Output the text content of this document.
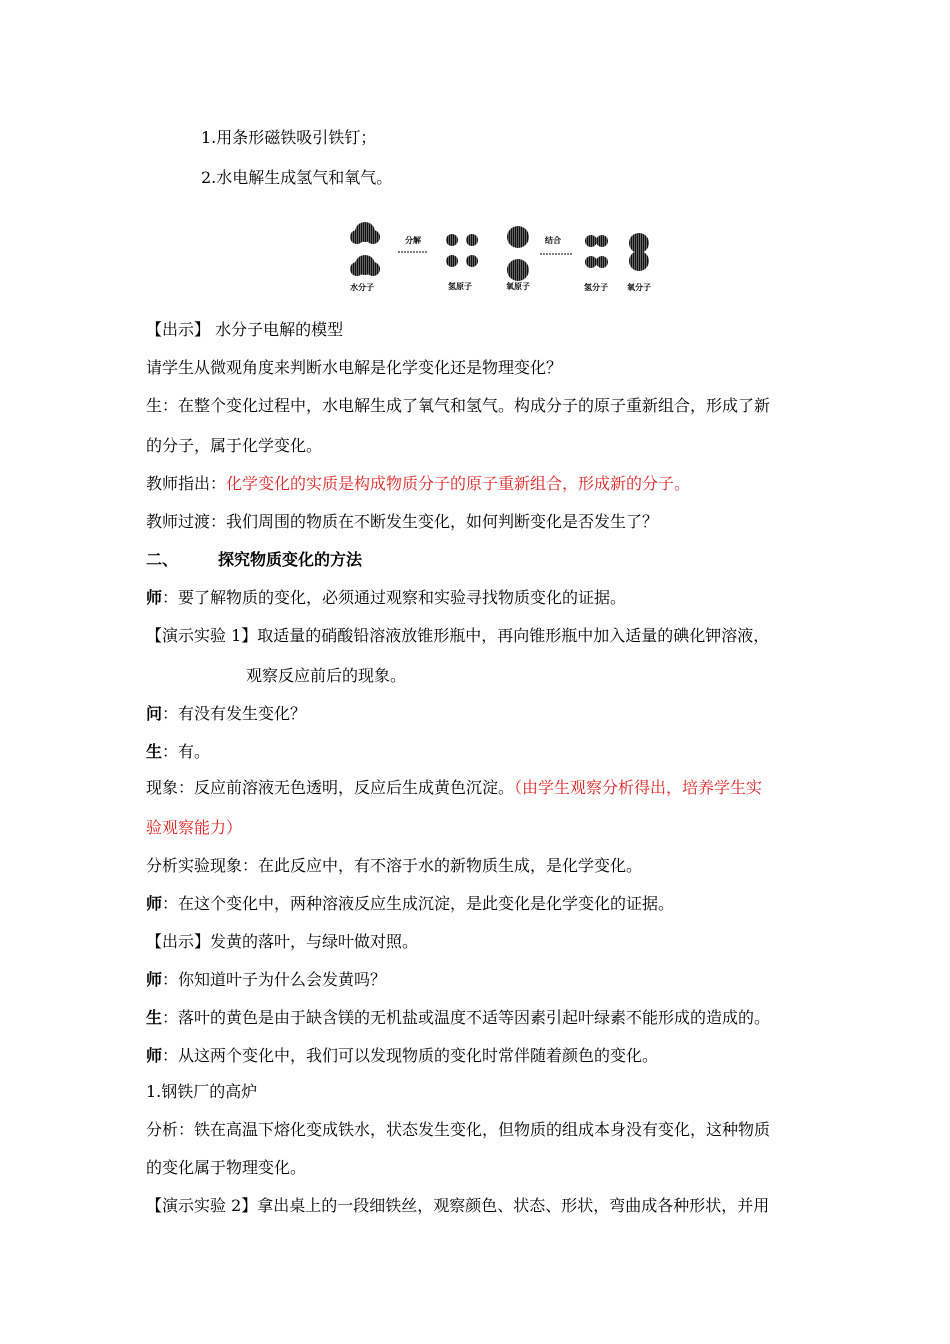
1.用条形磁铁吸引铁钉；
2.水电解生成氢气和氧气。
水分子
分解
氢原子	氧原子
结合
氢分子 氧分子
【出示】 水分子电解的模型
请学生从微观角度来判断水电解是化学变化还是物理变化？
生：在整个变化过程中，水电解生成了氧气和氢气。构成分子的原子重新组合，形成了新
的分子，属于化学变化。
教师指出：化学变化的实质是构成物质分子的原子重新组合，形成新的分子。
教师过渡：我们周围的物质在不断发生变化，如何判断变化是否发生了？
二、	探究物质变化的方法
师：要了解物质的变化，必须通过观察和实验寻找物质变化的证据。
【演示实验 1】取适量的硝酸铅溶液放锥形瓶中，再向锥形瓶中加入适量的碘化钾溶液，
观察反应前后的现象。
问：有没有发生变化？
生：有。
现象：反应前溶液无色透明，反应后生成黄色沉淀。（由学生观察分析得出，培养学生实
验观察能力）
分析实验现象：在此反应中，有不溶于水的新物质生成，是化学变化。
师：在这个变化中，两种溶液反应生成沉淀，是此变化是化学变化的证据。
【出示】发黄的落叶，与绿叶做对照。
师：你知道叶子为什么会发黄吗？
生：落叶的黄色是由于缺含镁的无机盐或温度不适等因素引起叶绿素不能形成的造成的。
师：从这两个变化中，我们可以发现物质的变化时常伴随着颜色的变化。
1.钢铁厂的高炉
分析：铁在高温下熔化变成铁水，状态发生变化，但物质的组成本身没有变化，这种物质
的变化属于物理变化。
【演示实验 2】拿出桌上的一段细铁丝，观察颜色、状态、形状，弯曲成各种形状，并用
